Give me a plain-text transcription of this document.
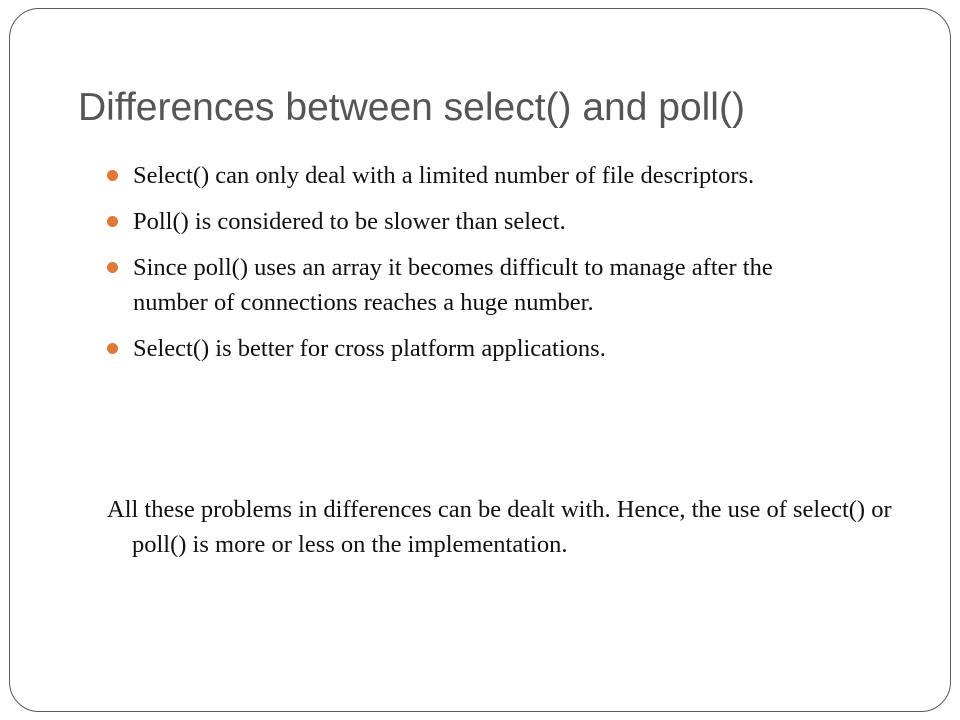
Differences between select() and poll()
Select() can only deal with a limited number of file descriptors.
Poll() is considered to be slower than select.
Since poll() uses an array it becomes difficult to manage after the number of connections reaches a huge number.
Select() is better for cross platform applications.

All these problems in differences can be dealt with. Hence, the use of select() or poll() is more or less on the implementation.
